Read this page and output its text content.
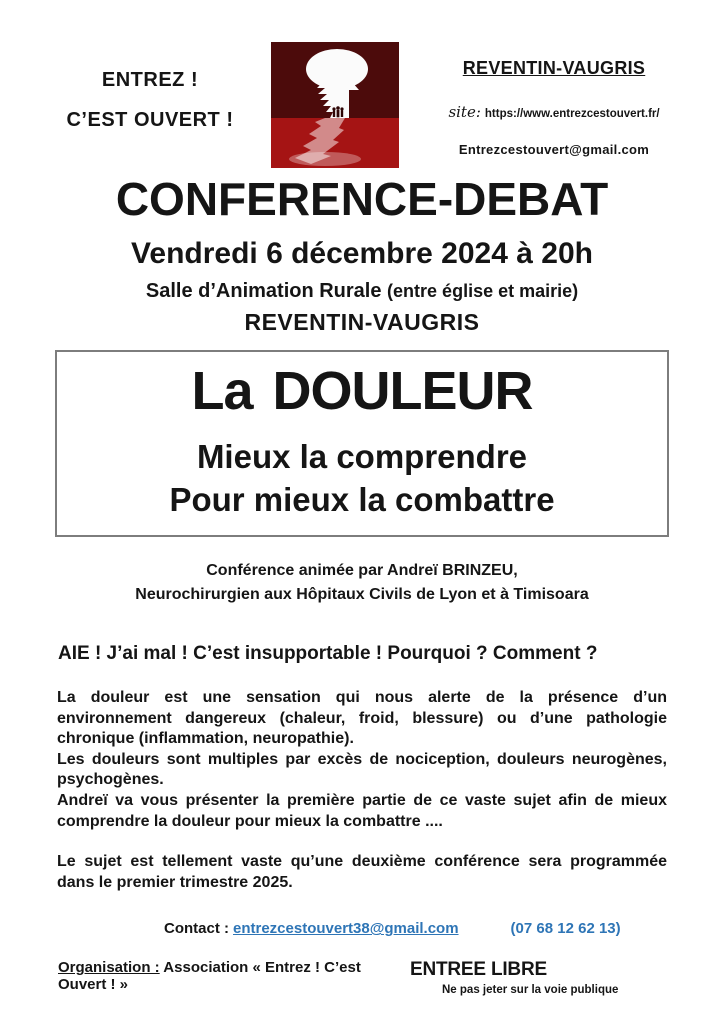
ENTREZ !
C’EST OUVERT !
REVENTIN-VAUGRIS
site: https://www.entrezcestouvert.fr/
Entrezcestouvert@gmail.com
CONFERENCE-DEBAT
Vendredi 6 décembre 2024 à 20h
Salle d’Animation Rurale (entre église et mairie)
REVENTIN-VAUGRIS
La DOULEUR
Mieux la comprendre
Pour mieux la combattre
Conférence animée par Andreï BRINZEU,
Neurochirurgien aux Hôpitaux Civils de Lyon et à Timisoara
AIE ! J’ai mal ! C’est insupportable ! Pourquoi ? Comment ?

La douleur est une sensation qui nous alerte de la présence d’un environnement dangereux (chaleur, froid, blessure) ou d’une pathologie chronique (inflammation, neuropathie).

Les douleurs sont multiples par excès de nociception, douleurs neurogènes, psychogènes.

Andreï va vous présenter la première partie de ce vaste sujet afin de mieux comprendre la douleur pour mieux la combattre ....

Le sujet est tellement vaste qu’une deuxième conférence sera programmée dans le premier trimestre 2025.

Contact : entrezcestouvert38@gmail.com	(07 68 12 62 13)
Organisation : Association « Entrez ! C’est Ouvert ! »
ENTREE LIBRE
Ne pas jeter sur la voie publique
